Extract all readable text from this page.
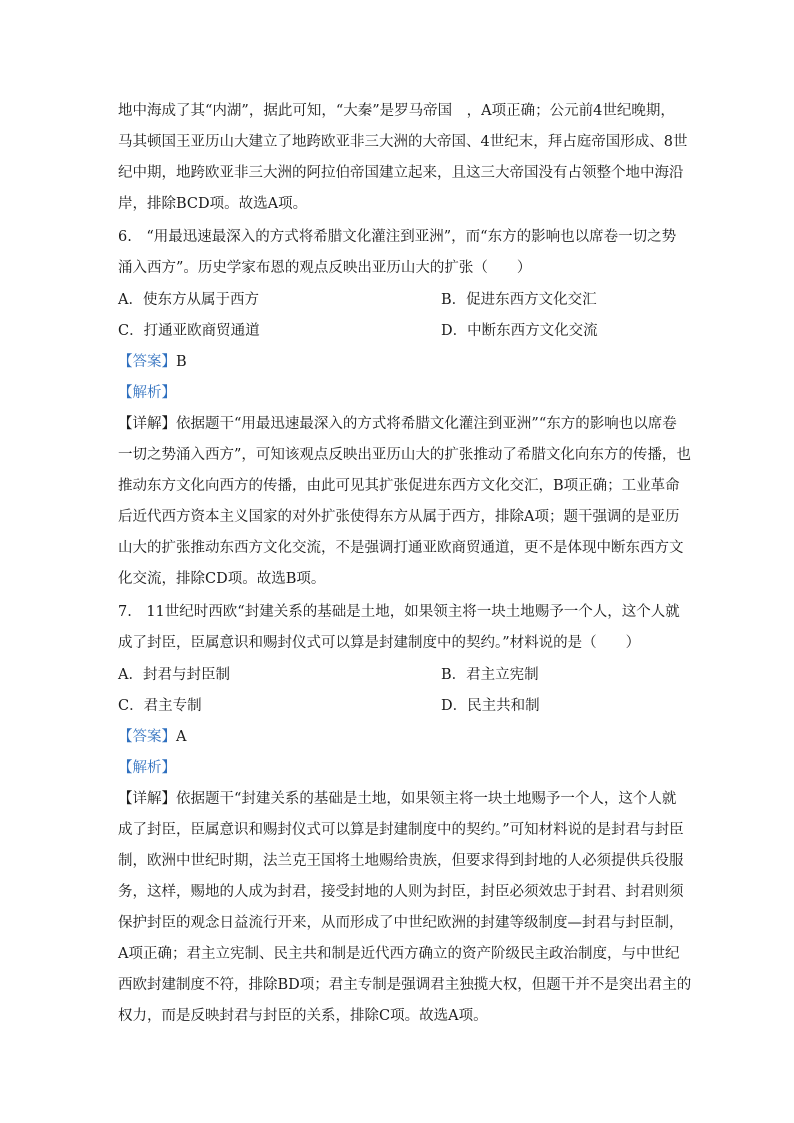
地中海成了其“内湖”，据此可知，“大秦”是罗马帝国　，A项正确；公元前4世纪晚期，
马其顿国王亚历山大建立了地跨欧亚非三大洲的大帝国、4世纪末，拜占庭帝国形成、8世
纪中期，地跨欧亚非三大洲的阿拉伯帝国建立起来，且这三大帝国没有占领整个地中海沿
岸，排除BCD项。故选A项。
6.　“用最迅速最深入的方式将希腊文化灌注到亚洲”，而“东方的影响也以席卷一切之势
涌入西方”。历史学家布恩的观点反映出亚历山大的扩张（　　）
A．使东方从属于西方	B．促进东西方文化交汇
C．打通亚欧商贸通道	D．中断东西方文化交流
【答案】B
【解析】
【详解】依据题干“用最迅速最深入的方式将希腊文化灌注到亚洲”“东方的影响也以席卷
一切之势涌入西方”，可知该观点反映出亚历山大的扩张推动了希腊文化向东方的传播，也
推动东方文化向西方的传播，由此可见其扩张促进东西方文化交汇，B项正确；工业革命
后近代西方资本主义国家的对外扩张使得东方从属于西方，排除A项；题干强调的是亚历
山大的扩张推动东西方文化交流，不是强调打通亚欧商贸通道，更不是体现中断东西方文
化交流，排除CD项。故选B项。
7.　11世纪时西欧“封建关系的基础是土地，如果领主将一块土地赐予一个人，这个人就
成了封臣，臣属意识和赐封仪式可以算是封建制度中的契约。”材料说的是（　　）
A．封君与封臣制	B．君主立宪制
C．君主专制	D．民主共和制
【答案】A
【解析】
【详解】依据题干“封建关系的基础是土地，如果领主将一块土地赐予一个人，这个人就
成了封臣，臣属意识和赐封仪式可以算是封建制度中的契约。”可知材料说的是封君与封臣
制，欧洲中世纪时期，法兰克王国将土地赐给贵族，但要求得到封地的人必须提供兵役服
务，这样，赐地的人成为封君，接受封地的人则为封臣，封臣必须效忠于封君、封君则须
保护封臣的观念日益流行开来，从而形成了中世纪欧洲的封建等级制度—封君与封臣制，
A项正确；君主立宪制、民主共和制是近代西方确立的资产阶级民主政治制度，与中世纪
西欧封建制度不符，排除BD项；君主专制是强调君主独揽大权，但题干并不是突出君主的
权力，而是反映封君与封臣的关系，排除C项。故选A项。
